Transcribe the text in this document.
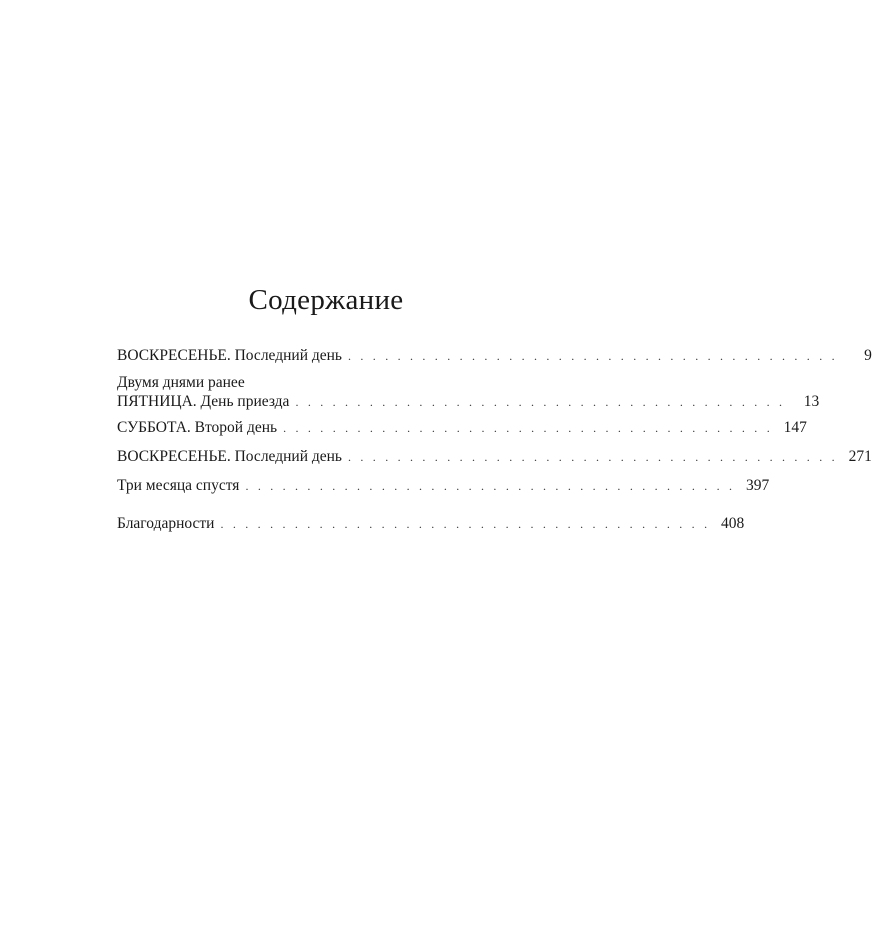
Содержание
ВОСКРЕСЕНЬЕ. Последний день . . . . . . . . . . . . . . . . . . . . . . . . . . . . . . . . . . . . . . . .	9
Двумя днями ранее
ПЯТНИЦА. День приезда . . . . . . . . . . . . . . . . . . . . . . . . . . . . . . . . . . . . . . . .	13
СУББОТА. Второй день . . . . . . . . . . . . . . . . . . . . . . . . . . . . . . . . . . . . . . . . 147
ВОСКРЕСЕНЬЕ. Последний день . . . . . . . . . . . . . . . . . . . . . . . . . . . . . . . . . . . . . . . . 271
Три месяца спустя . . . . . . . . . . . . . . . . . . . . . . . . . . . . . . . . . . . . . . . . 397
Благодарности . . . . . . . . . . . . . . . . . . . . . . . . . . . . . . . . . . . . . . . . 408
